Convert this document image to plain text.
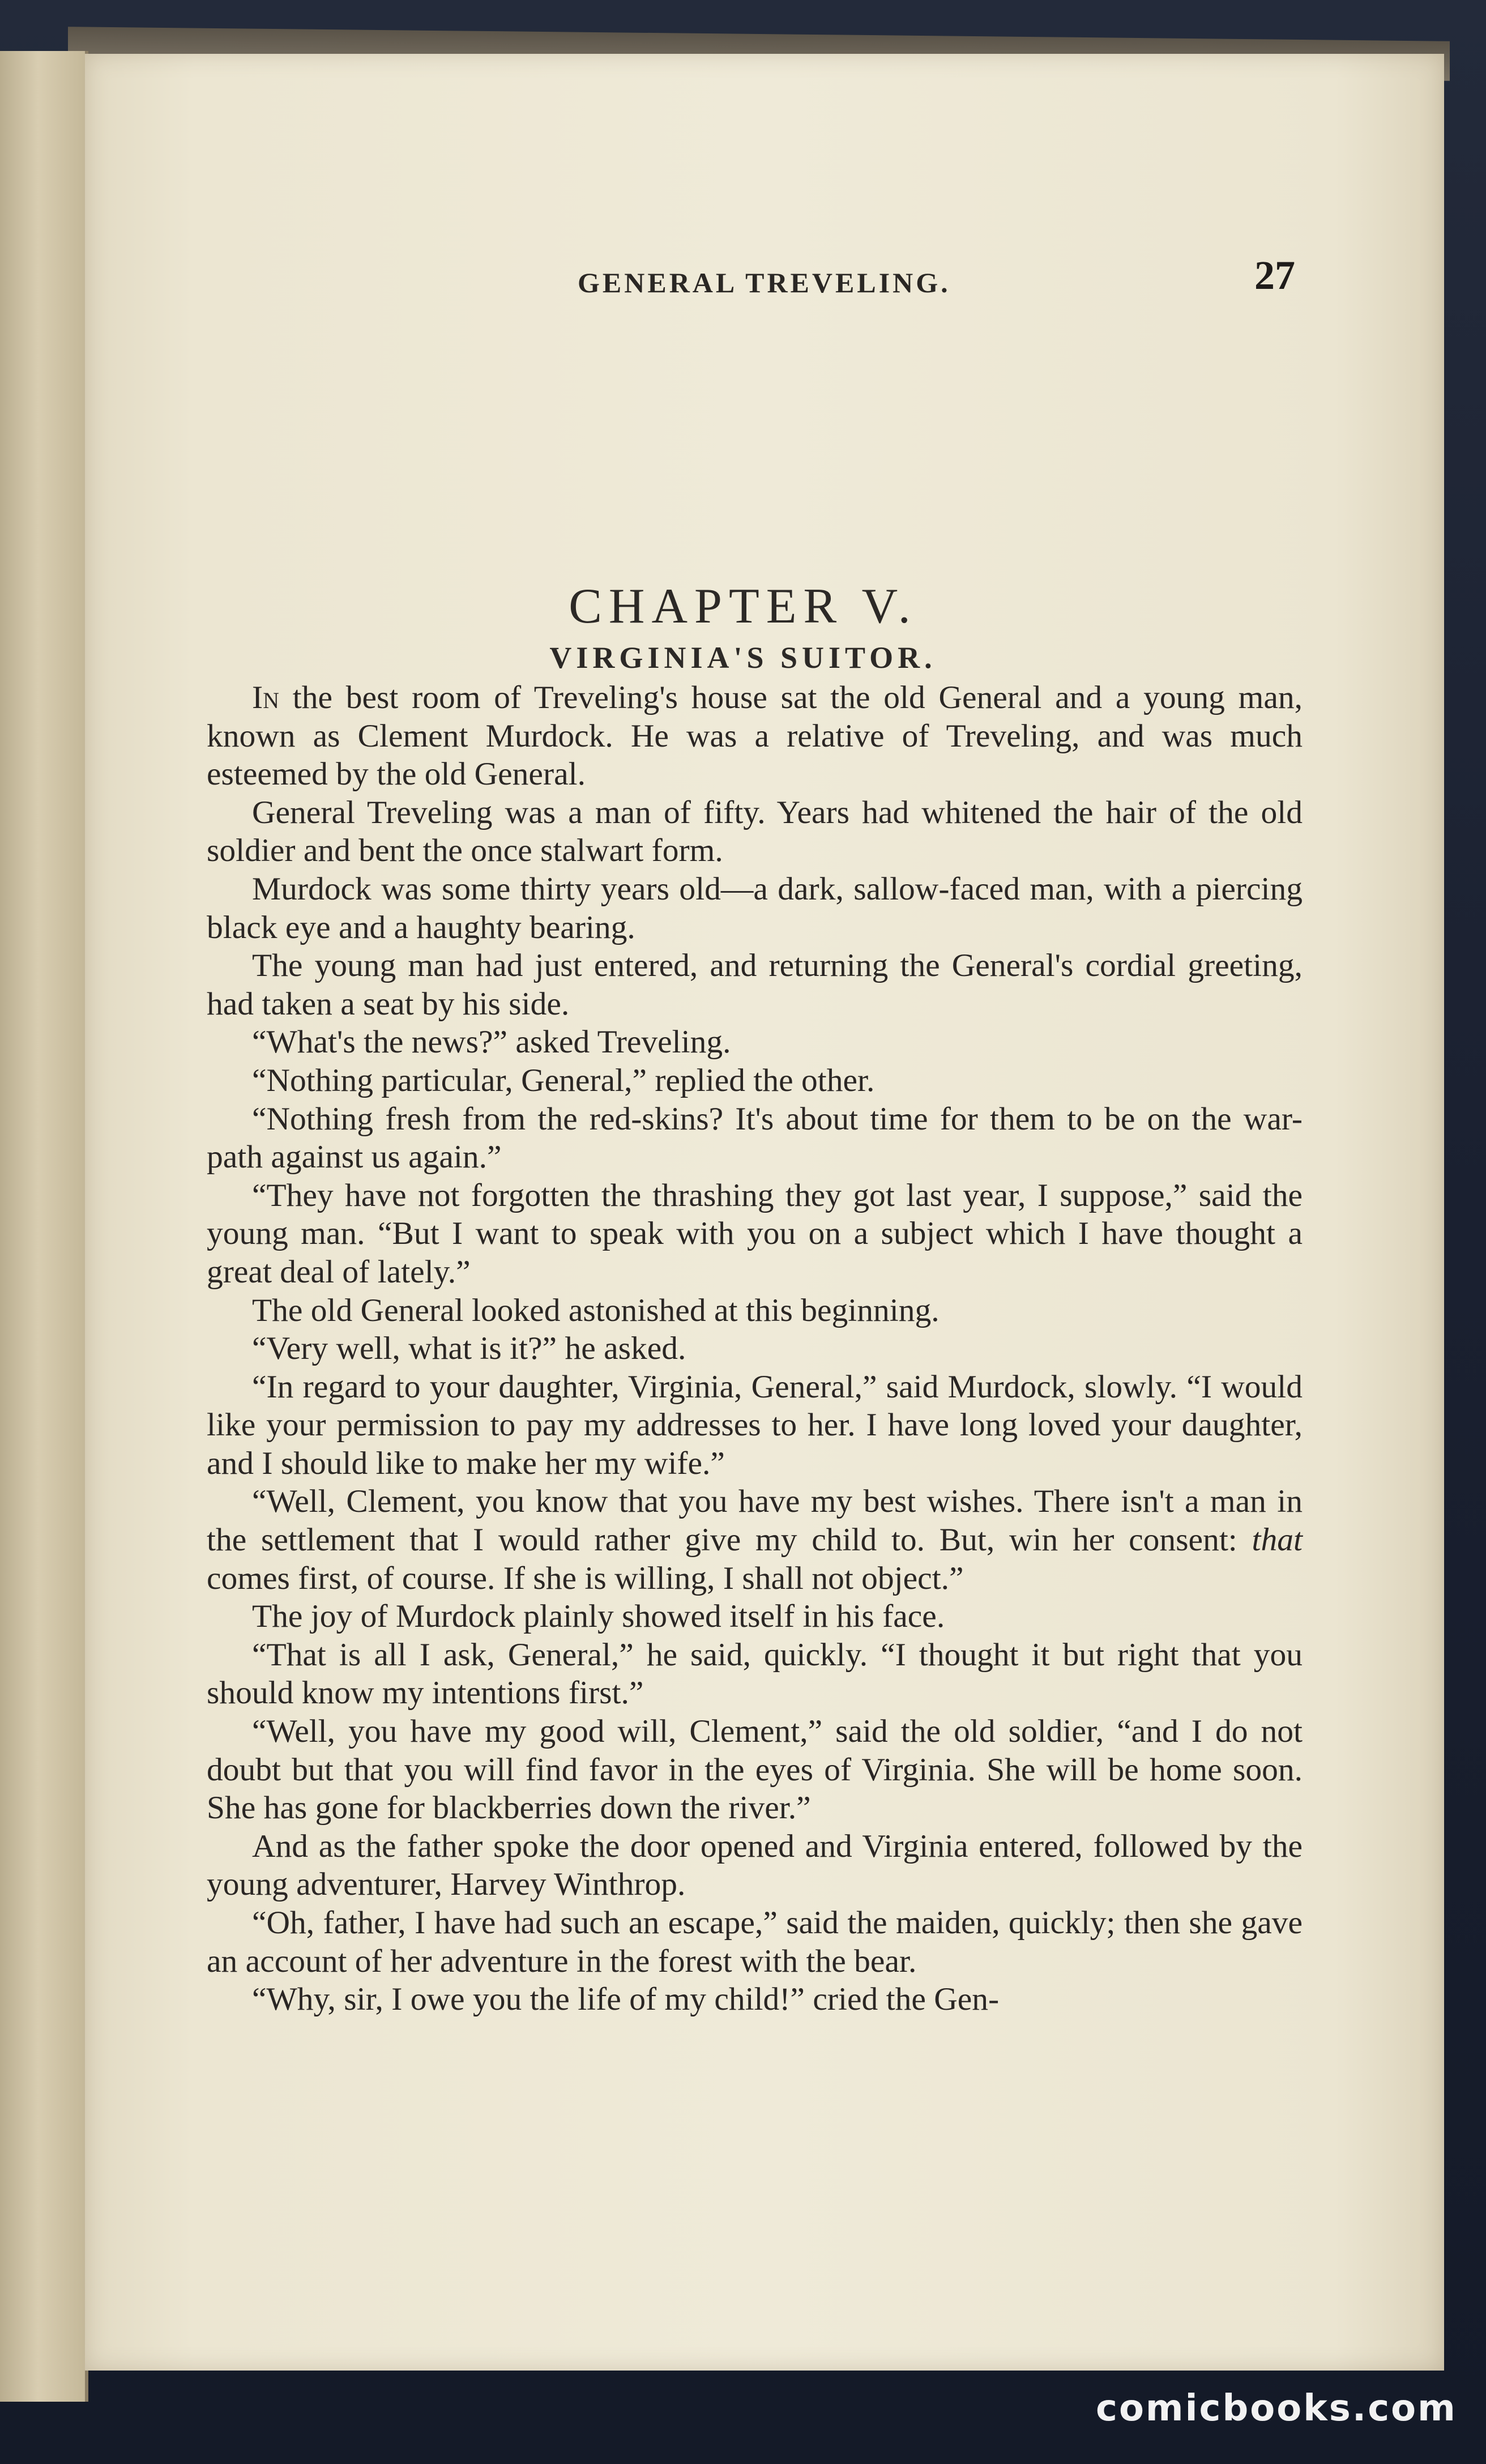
GENERAL TREVELING.	27
CHAPTER V.
VIRGINIA'S SUITOR.

In the best room of Treveling's house sat the old General and a young man, known as Clement Murdock. He was a relative of Treveling, and was much esteemed by the old General.

General Treveling was a man of fifty. Years had whitened the hair of the old soldier and bent the once stalwart form.

Murdock was some thirty years old—a dark, sallow-faced man, with a piercing black eye and a haughty bearing.

The young man had just entered, and returning the General's cordial greeting, had taken a seat by his side.

“What's the news?” asked Treveling.

“Nothing particular, General,” replied the other.

“Nothing fresh from the red-skins? It's about time for them to be on the war-path against us again.”

“They have not forgotten the thrashing they got last year, I suppose,” said the young man. “But I want to speak with you on a subject which I have thought a great deal of lately.”

The old General looked astonished at this beginning.

“Very well, what is it?” he asked.

“In regard to your daughter, Virginia, General,” said Murdock, slowly. “I would like your permission to pay my addresses to her. I have long loved your daughter, and I should like to make her my wife.”

“Well, Clement, you know that you have my best wishes. There isn't a man in the settlement that I would rather give my child to. But, win her consent: that comes first, of course. If she is willing, I shall not object.”

The joy of Murdock plainly showed itself in his face.

“That is all I ask, General,” he said, quickly. “I thought it but right that you should know my intentions first.”

“Well, you have my good will, Clement,” said the old soldier, “and I do not doubt but that you will find favor in the eyes of Virginia. She will be home soon. She has gone for blackberries down the river.”

And as the father spoke the door opened and Virginia entered, followed by the young adventurer, Harvey Winthrop.

“Oh, father, I have had such an escape,” said the maiden, quickly; then she gave an account of her adventure in the forest with the bear.

“Why, sir, I owe you the life of my child!” cried the Gen-

comicbooks.com
